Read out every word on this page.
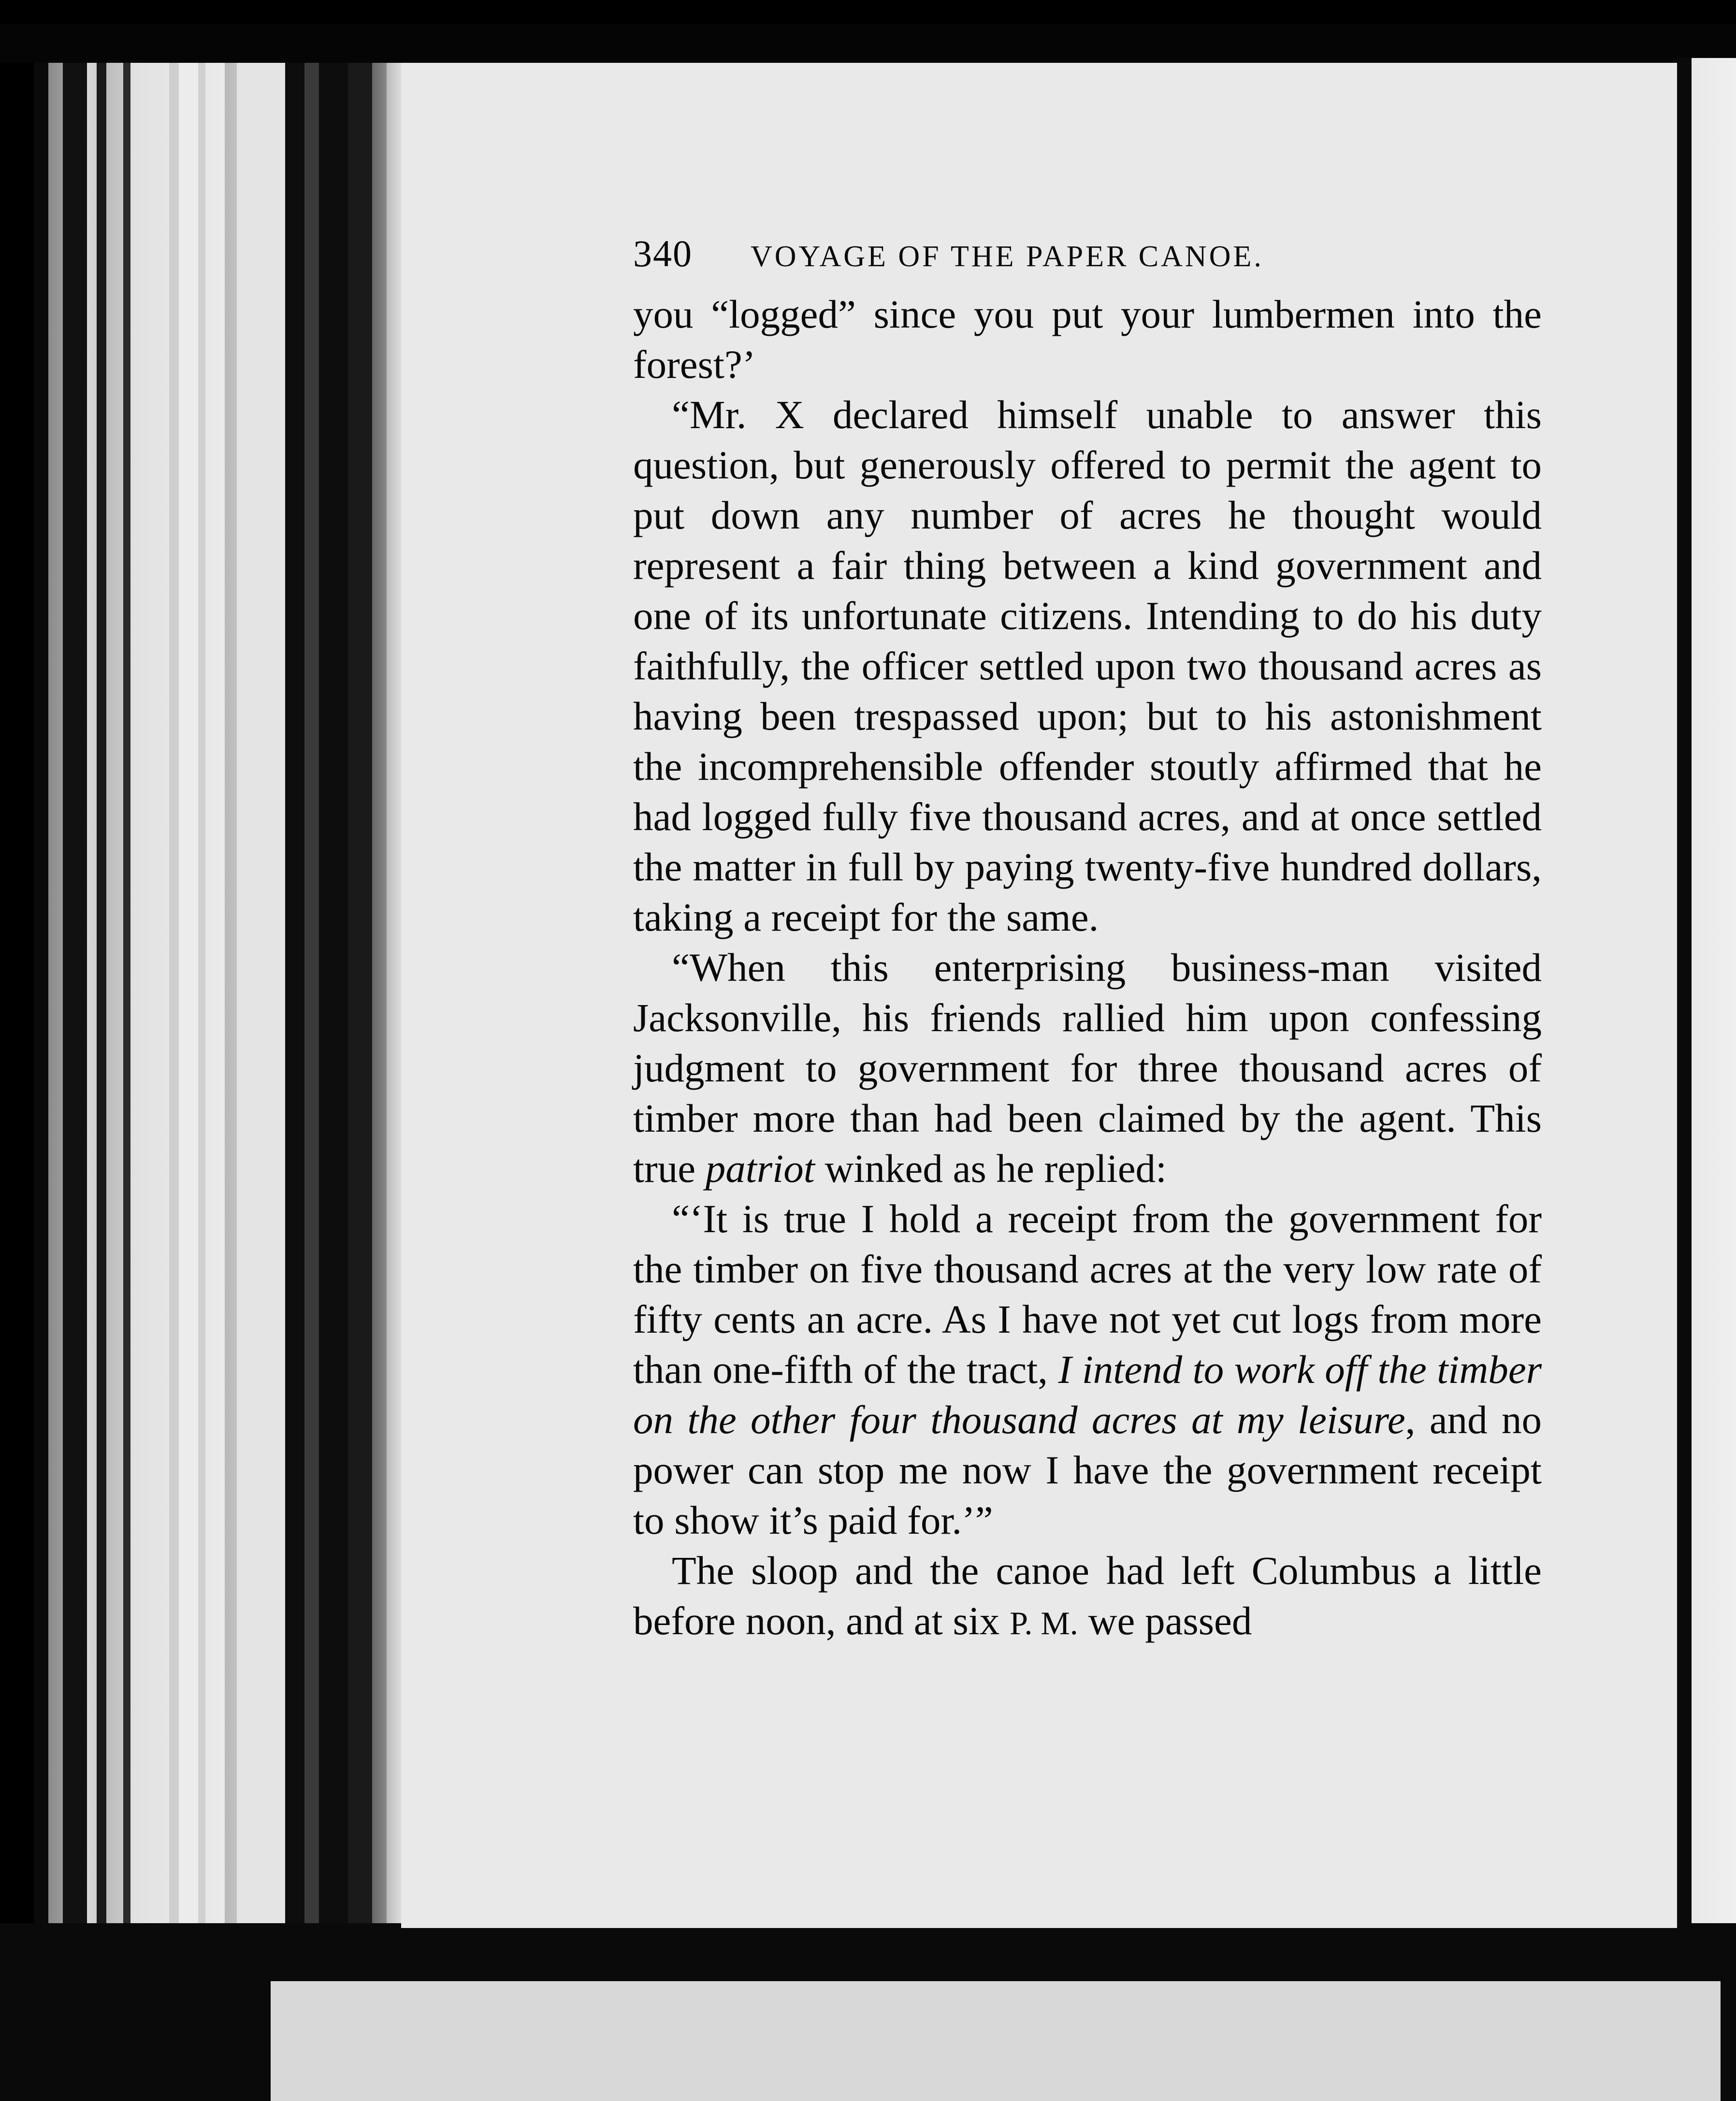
340 VOYAGE OF THE PAPER CANOE.

you “logged” since you put your lumbermen into the forest?’

“Mr. X declared himself unable to answer this question, but generously offered to permit the agent to put down any number of acres he thought would represent a fair thing between a kind government and one of its unfortunate citizens. Intending to do his duty faithfully, the officer settled upon two thousand acres as having been trespassed upon; but to his astonishment the incomprehensible offender stoutly affirmed that he had logged fully five thousand acres, and at once settled the matter in full by paying twenty-five hundred dollars, taking a receipt for the same.

“When this enterprising business-man visited Jacksonville, his friends rallied him upon confessing judgment to government for three thousand acres of timber more than had been claimed by the agent. This true patriot winked as he replied:

“‘It is true I hold a receipt from the government for the timber on five thousand acres at the very low rate of fifty cents an acre. As I have not yet cut logs from more than one-fifth of the tract, I intend to work off the timber on the other four thousand acres at my leisure, and no power can stop me now I have the government receipt to show it’s paid for.’”

The sloop and the canoe had left Columbus a little before noon, and at six P. M. we passed
